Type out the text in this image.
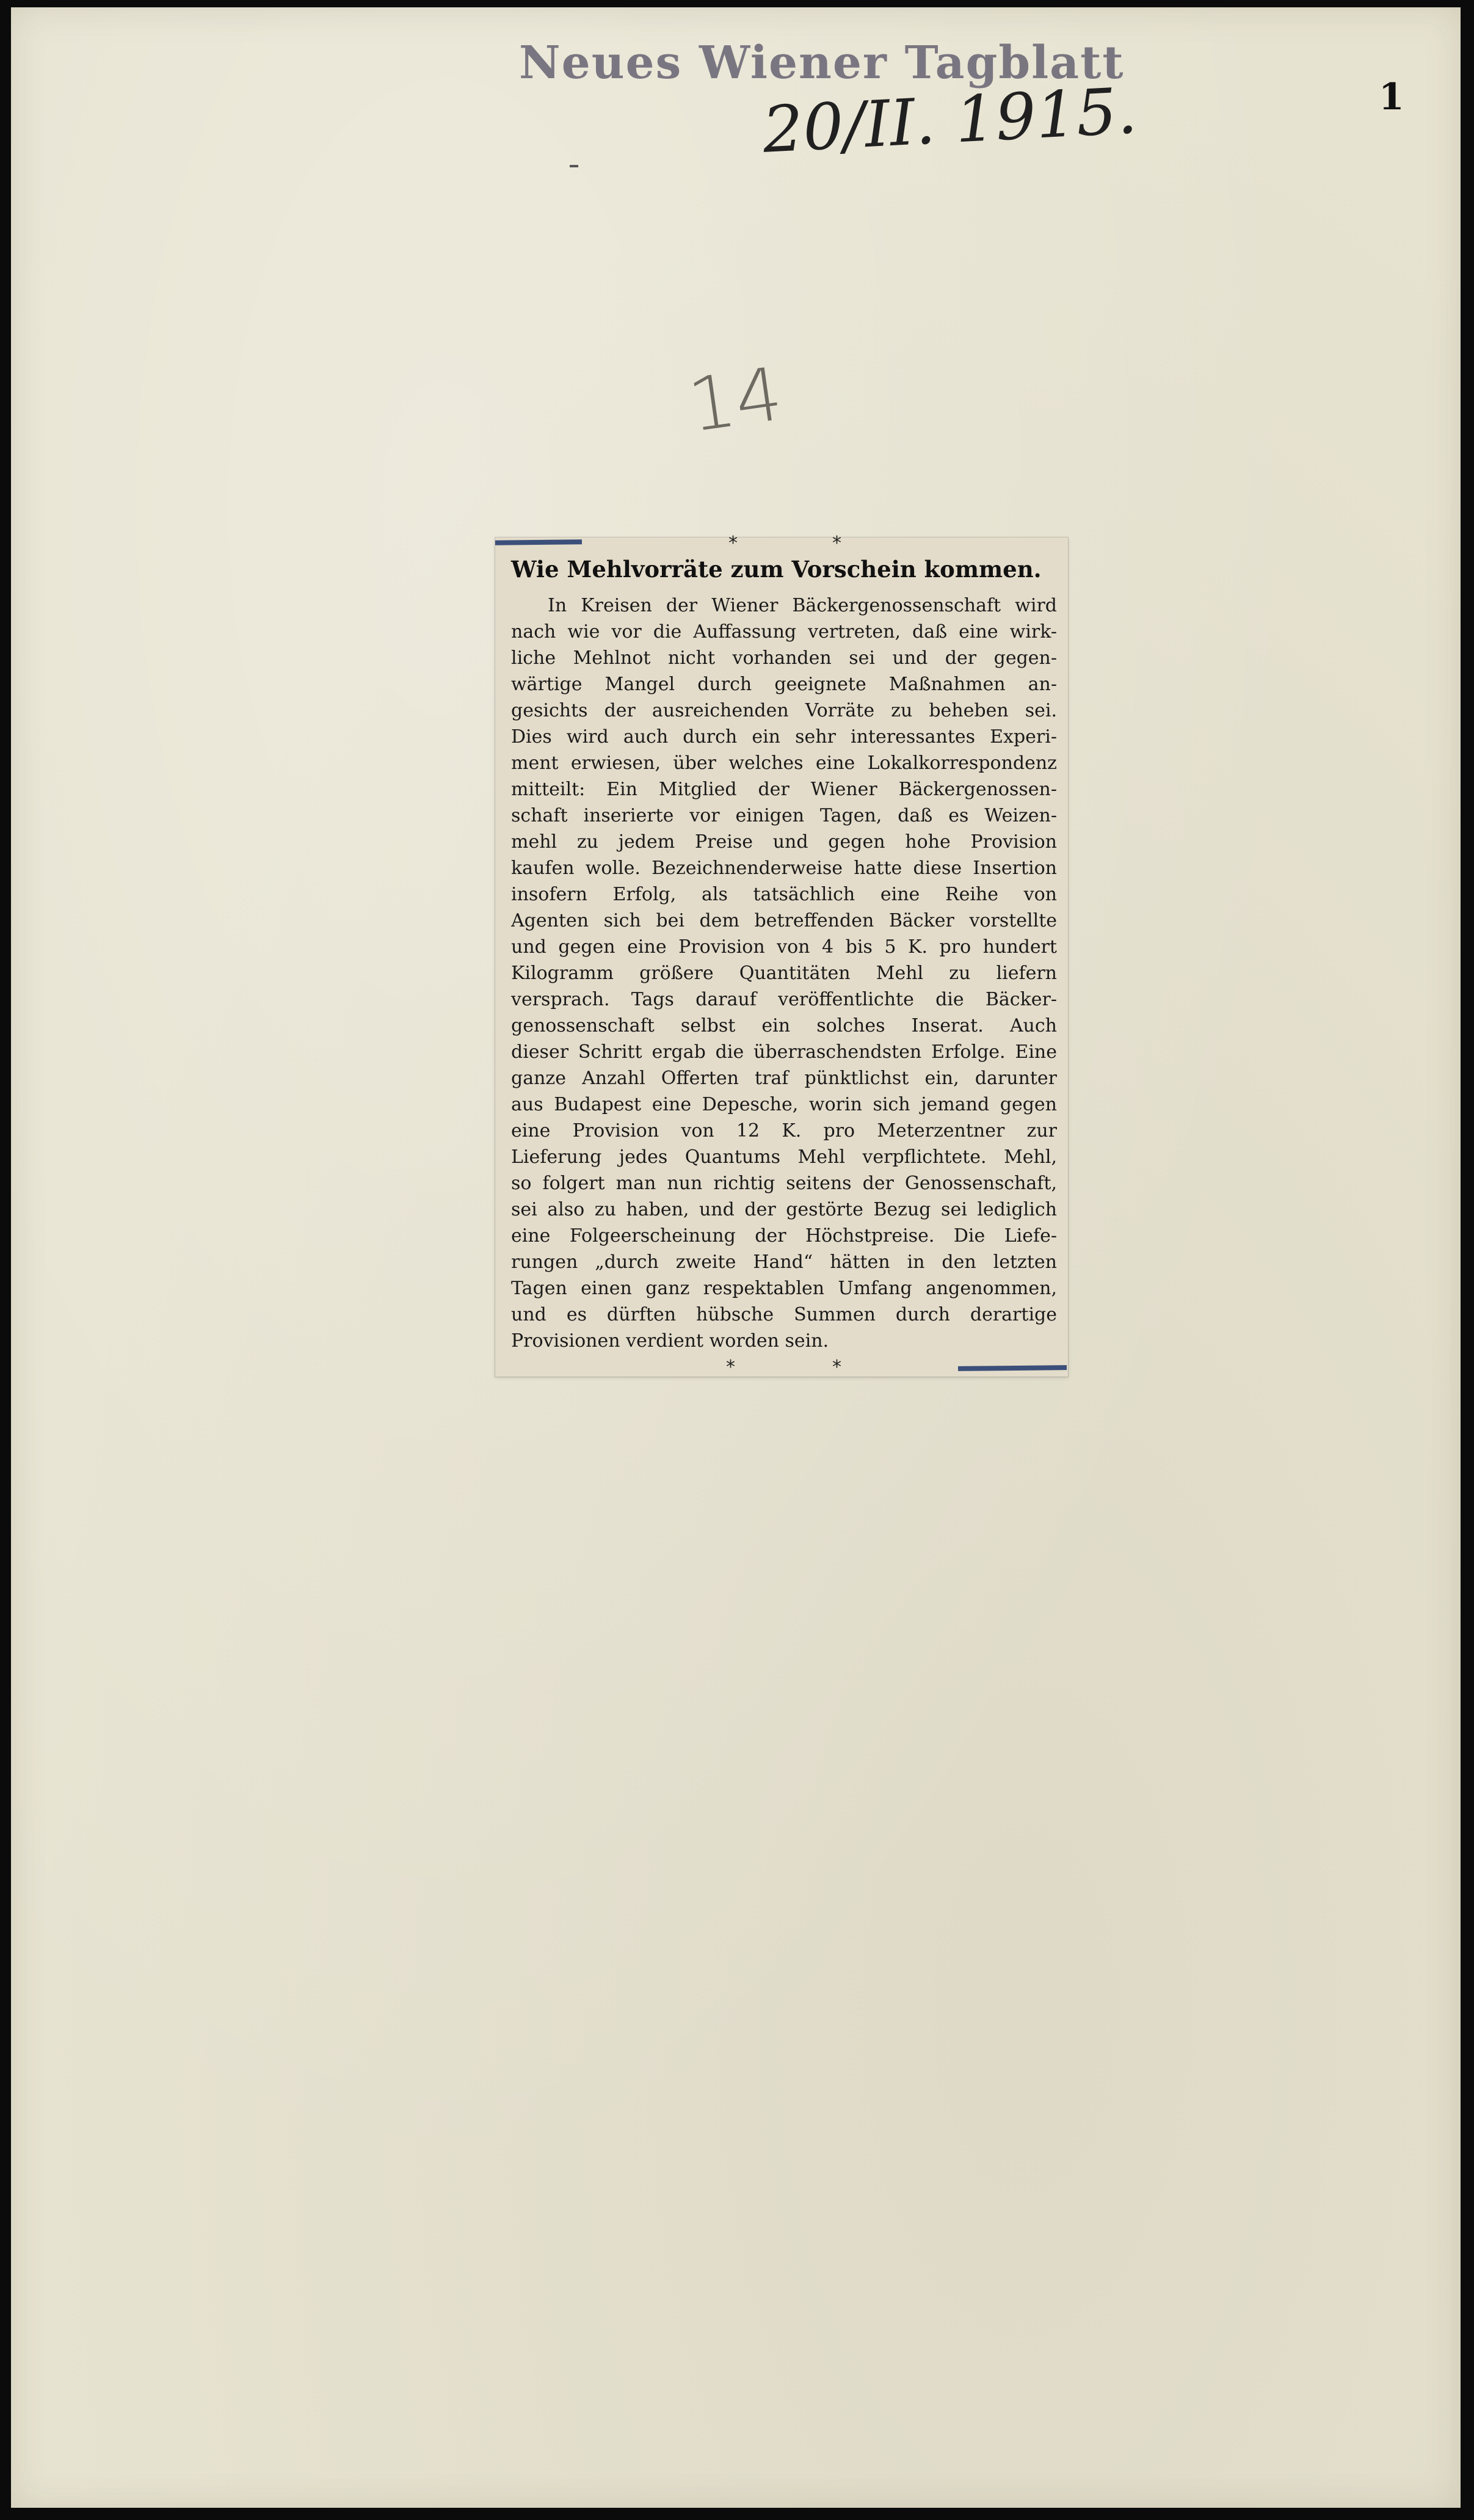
Neues Wiener Tagblatt
20/II. 1915.	1
14
*	*
Wie Mehlvorräte zum Vorschein kommen.
In Kreisen der Wiener Bäckergenossenschaft wird
nach wie vor die Auffassung vertreten, daß eine wirk-
liche Mehlnot nicht vorhanden sei und der gegen-
wärtige Mangel durch geeignete Maßnahmen an-
gesichts der ausreichenden Vorräte zu beheben sei.
Dies wird auch durch ein sehr interessantes Experi-
ment erwiesen, über welches eine Lokalkorrespondenz
mitteilt: Ein Mitglied der Wiener Bäckergenossen-
schaft inserierte vor einigen Tagen, daß es Weizen-
mehl zu jedem Preise und gegen hohe Provision
kaufen wolle. Bezeichnenderweise hatte diese Insertion
insofern Erfolg, als tatsächlich eine Reihe von
Agenten sich bei dem betreffenden Bäcker vorstellte
und gegen eine Provision von 4 bis 5 K. pro hundert
Kilogramm größere Quantitäten Mehl zu liefern
versprach. Tags darauf veröffentlichte die Bäcker-
genossenschaft selbst ein solches Inserat. Auch
dieser Schritt ergab die überraschendsten Erfolge. Eine
ganze Anzahl Offerten traf pünktlichst ein, darunter
aus Budapest eine Depesche, worin sich jemand gegen
eine Provision von 12 K. pro Meterzentner zur
Lieferung jedes Quantums Mehl verpflichtete. Mehl,
so folgert man nun richtig seitens der Genossenschaft,
sei also zu haben, und der gestörte Bezug sei lediglich
eine Folgeerscheinung der Höchstpreise. Die Liefe-
rungen „durch zweite Hand“ hätten in den letzten
Tagen einen ganz respektablen Umfang angenommen,
und es dürften hübsche Summen durch derartige
Provisionen verdient worden sein.
*	*
